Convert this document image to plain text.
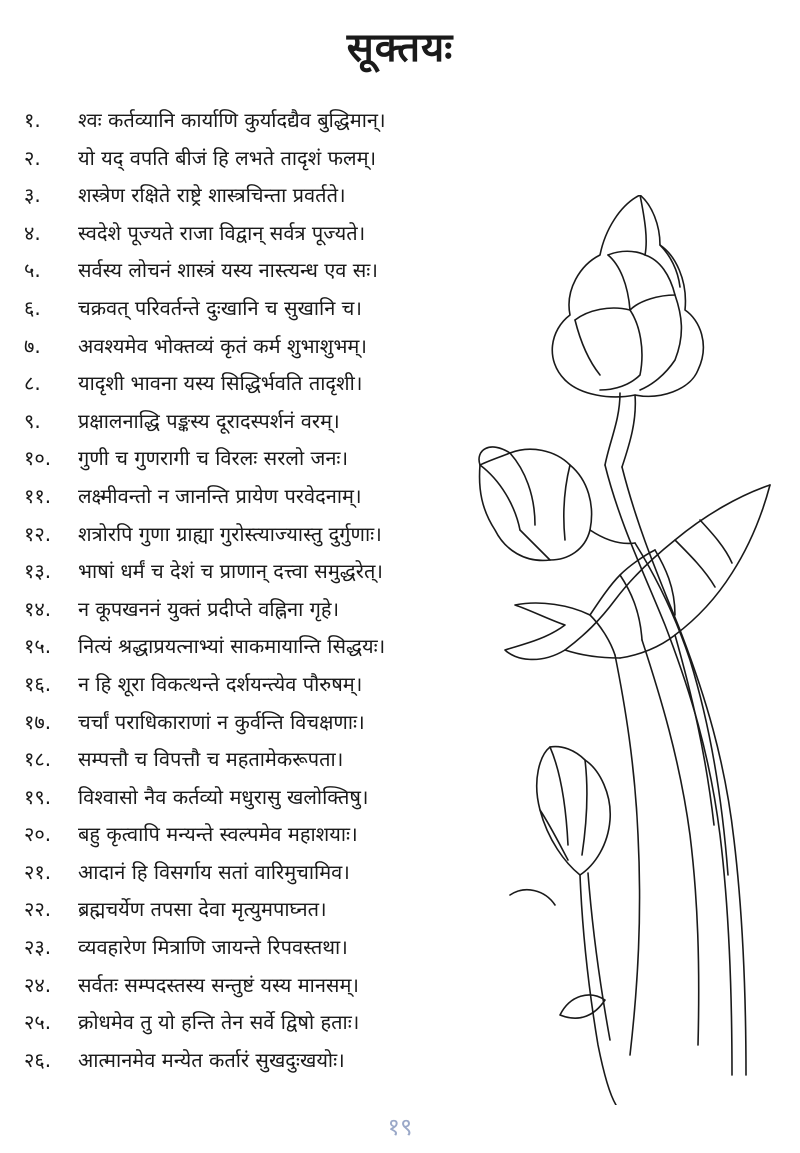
सूक्तयः
१.	श्वः कर्तव्यानि कार्याणि कुर्यादद्यैव बुद्धिमान्।
२.	यो यद् वपति बीजं हि लभते तादृशं फलम्।
३.	शस्त्रेण रक्षिते राष्ट्रे शास्त्रचिन्ता प्रवर्तते।
४.	स्वदेशे पूज्यते राजा विद्वान् सर्वत्र पूज्यते।
५.	सर्वस्य लोचनं शास्त्रं यस्य नास्त्यन्ध एव सः।
६.	चक्रवत् परिवर्तन्ते दुःखानि च सुखानि च।
७.	अवश्यमेव भोक्तव्यं कृतं कर्म शुभाशुभम्।
८.	यादृशी भावना यस्य सिद्धिर्भवति तादृशी।
९.	प्रक्षालनाद्धि पङ्कस्य दूरादस्पर्शनं वरम्।
१०.	गुणी च गुणरागी च विरलः सरलो जनः।
११.	लक्ष्मीवन्तो न जानन्ति प्रायेण परवेदनाम्।
१२.	शत्रोरपि गुणा ग्राह्या गुरोस्त्याज्यास्तु दुर्गुणाः।
१३.	भाषां धर्मं च देशं च प्राणान् दत्त्वा समुद्धरेत्।
१४.	न कूपखननं युक्तं प्रदीप्ते वह्निना गृहे।
१५.	नित्यं श्रद्धाप्रयत्नाभ्यां साकमायान्ति सिद्धयः।
१६.	न हि शूरा विकत्थन्ते दर्शयन्त्येव पौरुषम्।
१७.	चर्चां पराधिकाराणां न कुर्वन्ति विचक्षणाः।
१८.	सम्पत्तौ च विपत्तौ च महतामेकरूपता।
१९.	विश्वासो नैव कर्तव्यो मधुरासु खलोक्तिषु।
२०.	बहु कृत्वापि मन्यन्ते स्वल्पमेव महाशयाः।
२१.	आदानं हि विसर्गाय सतां वारिमुचामिव।
२२.	ब्रह्मचर्येण तपसा देवा मृत्युमपाघ्नत।
२३.	व्यवहारेण मित्राणि जायन्ते रिपवस्तथा।
२४.	सर्वतः सम्पदस्तस्य सन्तुष्टं यस्य मानसम्।
२५.	क्रोधमेव तु यो हन्ति तेन सर्वे द्विषो हताः।
२६.	आत्मानमेव मन्येत कर्तारं सुखदुःखयोः।
१९
